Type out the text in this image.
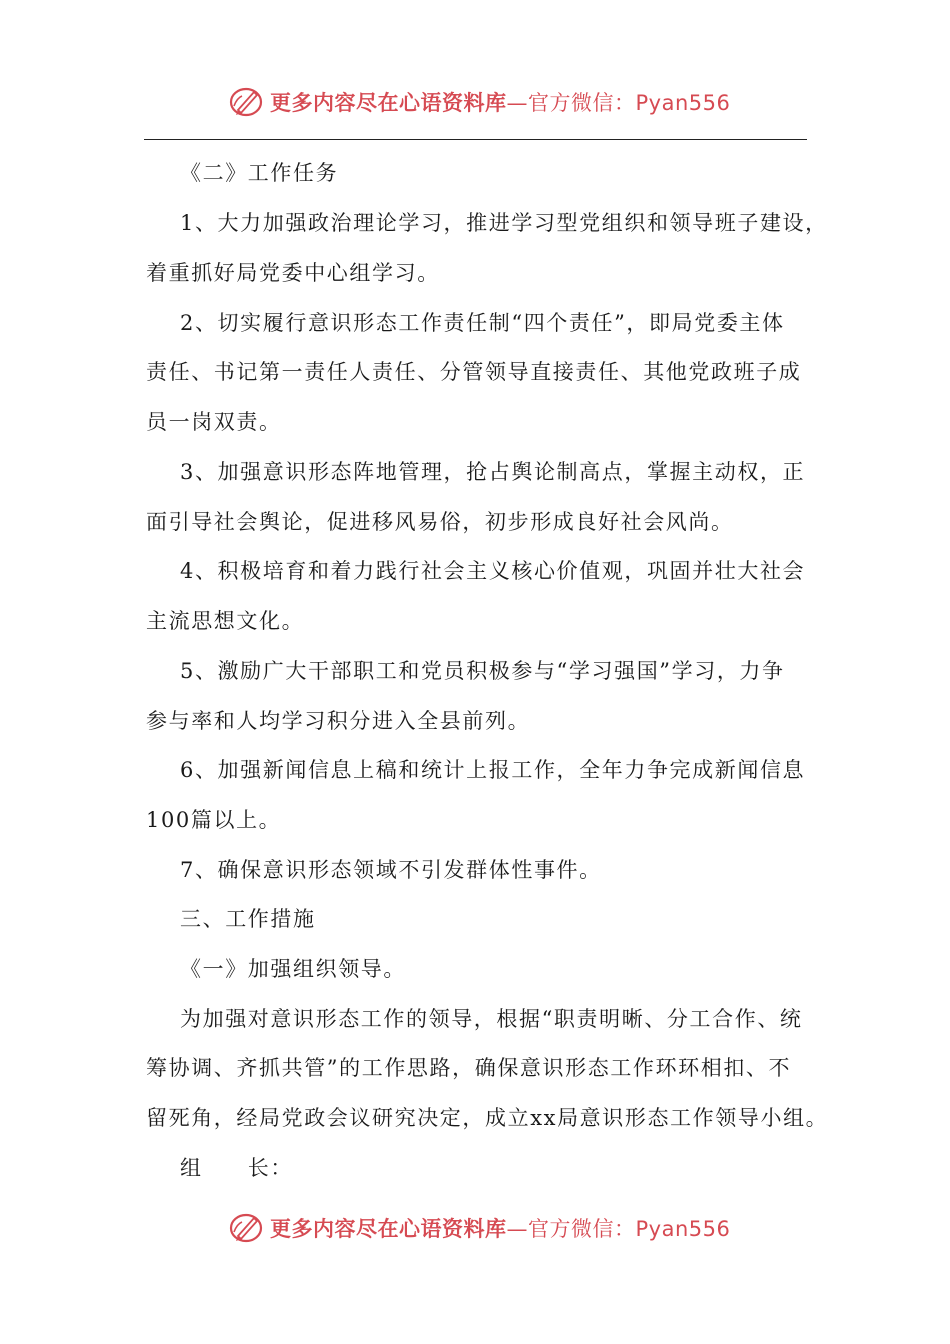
更多内容尽在心语资料库—官方微信：Pyan556
《二》工作任务
1、大力加强政治理论学习，推进学习型党组织和领导班子建设，
着重抓好局党委中心组学习。
2、切实履行意识形态工作责任制“四个责任”，即局党委主体
责任、书记第一责任人责任、分管领导直接责任、其他党政班子成
员一岗双责。
3、加强意识形态阵地管理，抢占舆论制高点，掌握主动权，正
面引导社会舆论，促进移风易俗，初步形成良好社会风尚。
4、积极培育和着力践行社会主义核心价值观，巩固并壮大社会
主流思想文化。
5、激励广大干部职工和党员积极参与“学习强国”学习，力争
参与率和人均学习积分进入全县前列。
6、加强新闻信息上稿和统计上报工作，全年力争完成新闻信息
100篇以上。
7、确保意识形态领域不引发群体性事件。
三、工作措施
《一》加强组织领导。
为加强对意识形态工作的领导，根据“职责明晰、分工合作、统
筹协调、齐抓共管”的工作思路，确保意识形态工作环环相扣、不
留死角，经局党政会议研究决定，成立xx局意识形态工作领导小组。
组　　长：
更多内容尽在心语资料库—官方微信：Pyan556
